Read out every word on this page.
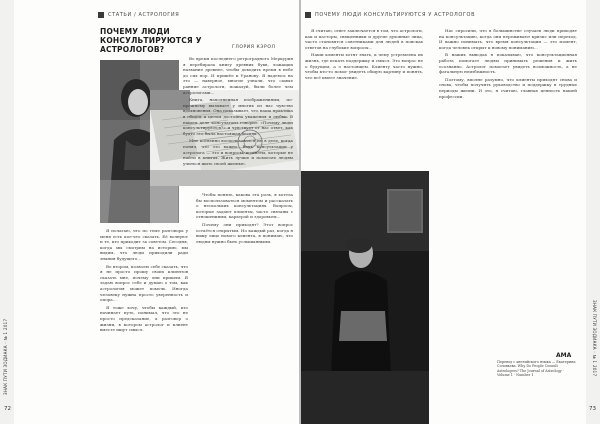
ЗНАК ПУТИ ЗОДИАКА · № 1 2017
СТАТЬИ / АСТРОЛОГИЯ
ПОЧЕМУ ЛЮДИ КОНСУЛЬТИРУЮТСЯ У АСТРОЛОГОВ?	ГЛОРИЯ КЭРОЛ

Я полагаю, что по теме разговора у меня есть кое-что сказать. Её волнуют и те, кто приходит за советом. Сегодня, когда мы смотрим на историю, мы видим, что люди приходили ради знания будущего...

Во втором, позволю себе сказать, что я не просто прошу своих клиентов сказать мне, почему они пришли. Я задаю вопрос себе и думаю о том, как астрология может помочь. Иногда человеку нужна просто уверенность и опора...

Я тоже хочу, чтобы каждый, кто начинает путь, понимал, что это не просто предсказание, а разговор о жизни, в котором астролог и клиент вместе ищут смысл.

Чтобы понять, какова эта роль, я хотела бы воспользоваться моментом и рассказать о нескольких консультациях. Вопросы, которые задают клиенты, часто связаны с отношениями, карьерой и здоровьем...

Почему они приходят? Этот вопрос остаётся открытым. Но каждый раз, когда я вижу лицо нового клиента, я понимаю, что людям нужно быть услышанными.

72
ПОЧЕМУ ЛЮДИ КОНСУЛЬТИРУЮТСЯ У АСТРОЛОГОВ

Я считаю, ответ заключается в том, что астрологи, как и пасторы, священники и другие духовные лица, часто становятся советниками для людей в поисках ответов на глубокие вопросы...

Наши клиенты хотят знать, к чему устремлена их жизнь, где искать поддержку и смысл. Это вопрос не о будущем, а о настоящем. Клиенту часто нужно, чтобы кто-то помог увидеть общую картину и понять, что всё имеет значение.

Нас спросили, что в большинстве случаев люди приходят на консультацию, когда они переживают кризис или переход. И важно понимать, что время консультации — это момент, когда человек открыт к новому пониманию...

В наших выводах я показываю, что консультационная работа помогает людям принимать решения и жить осознанно. Астролог помогает увидеть возможность, а не фатальную неизбежность.

Поэтому, вполне разумно, что клиенты приходят снова и снова, чтобы получить руководство и поддержку в трудные периоды жизни. И это, я считаю, главная ценность нашей профессии.

Перевод с английского языка — Екатерина Соловьева. Why Do People Consult Astrologers? The Journal of Astrology · Volume 1 · Number 1
АМА	ЗНАК ПУТИ ЗОДИАКА · № 1 2017
73

Во время последнего ретроградного Меркурия я перебирала книгу древних букв, ложащих название древнее, чтобы доводить время в небе до сих пор. И пришёл к Уранову. Я надеюсь на это — наверное, многие узнали, что самые ранние астрологи, пожалуй, были более чем астрологами...

Книга, наполненная изображениями, по-прежнему вызывает у многих из нас чувство вдохновения. Она показывает, что наша практика в общем и целом достойна уважения и любви. В нашем деле консультант говорит: «Почему люди консультируются?» и чувствует от нас ответ, как будто это была настоящая беседа...

Мне косвенно воспользовался ею в деле, когда понял, что это важно. Ведь консультации у астролога — это и вопросы, и ответы, которые не найти в книгах. Жить лучше и помогать людям учиться жить своей жизнью.
